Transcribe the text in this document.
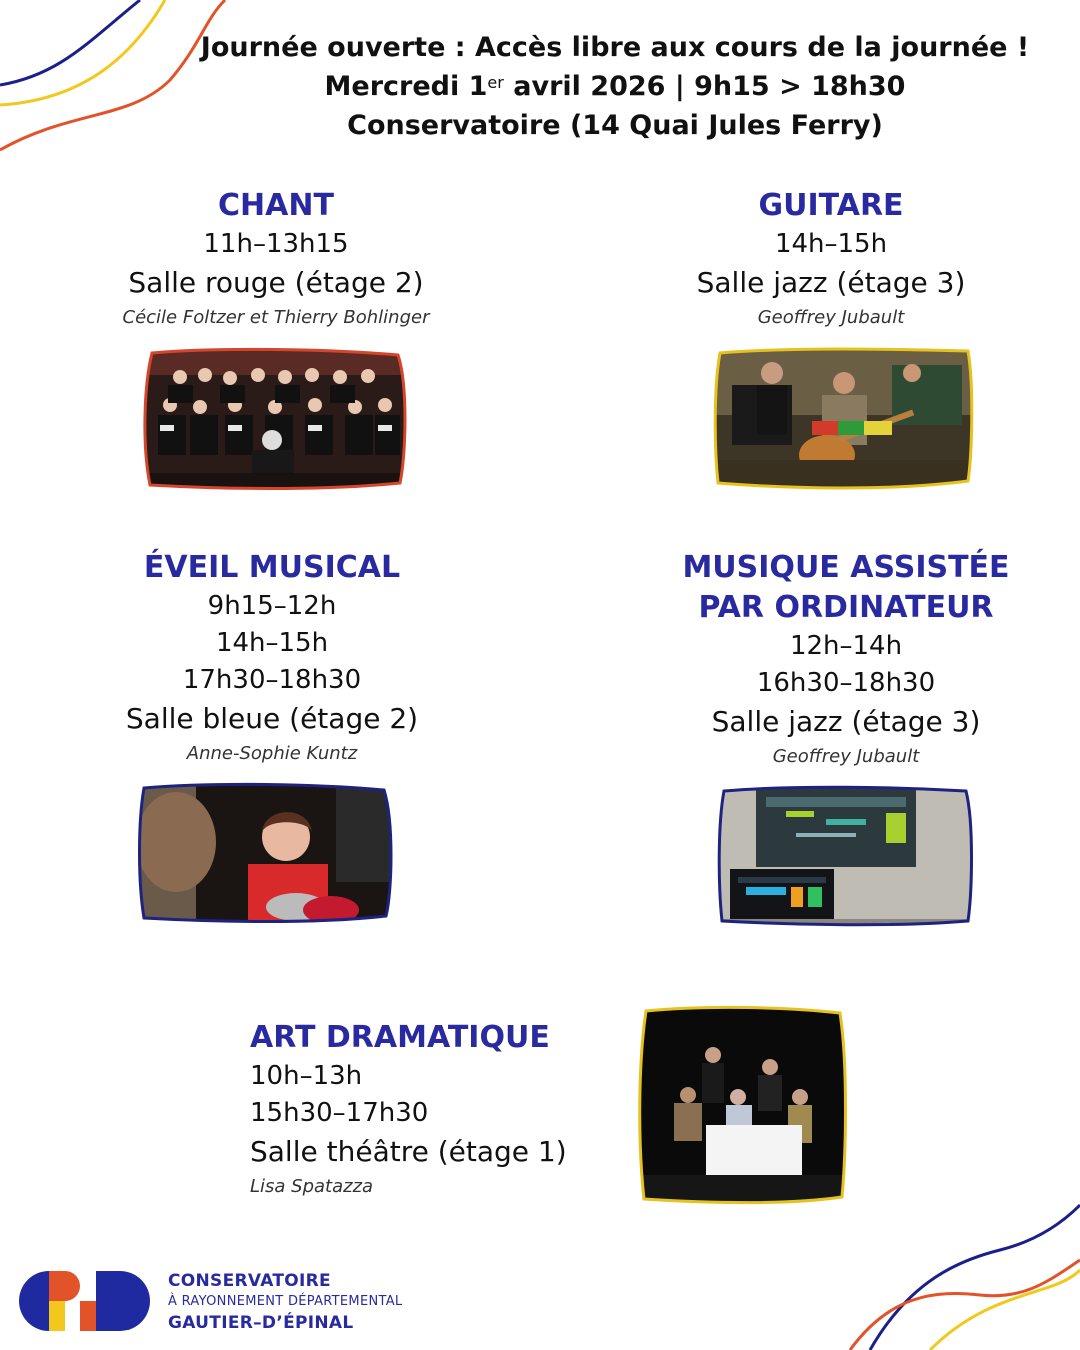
Journée ouverte : Accès libre aux cours de la journée !
Mercredi 1er avril 2026 | 9h15 > 18h30
Conservatoire (14 Quai Jules Ferry)
CHANT
11h–13h15
Salle rouge (étage 2)
Cécile Foltzer et Thierry Bohlinger
GUITARE
14h–15h
Salle jazz (étage 3)
Geoffrey Jubault
ÉVEIL MUSICAL
9h15–12h
14h–15h
17h30–18h30
Salle bleue (étage 2)
Anne-Sophie Kuntz
MUSIQUE ASSISTÉE
PAR ORDINATEUR
12h–14h
16h30–18h30
Salle jazz (étage 3)
Geoffrey Jubault
ART DRAMATIQUE
10h–13h
15h30–17h30
Salle théâtre (étage 1)
Lisa Spatazza
CONSERVATOIRE
À RAYONNEMENT DÉPARTEMENTAL
GAUTIER–D’ÉPINAL
